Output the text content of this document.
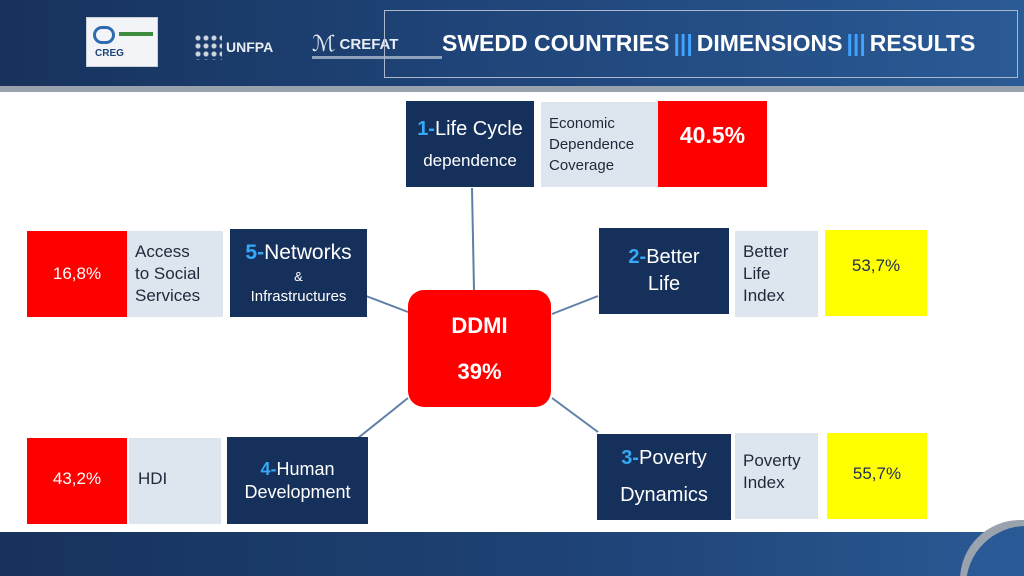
CREG	UNFPA ℳ CREFAT SWEDD COUNTRIES ||| DIMENSIONS ||| RESULTS
1-Life Cycle
dependence
Economic
Dependence
Coverage
40.5%
16,8%
Access
to Social
Services
5-Networks
&
Infrastructures
2-Better
Life
Better
Life
Index
53,7%
DDMI
39%
43,2% HDI	4-Human
Development
3-Poverty
Dynamics
Poverty
Index	55,7%
